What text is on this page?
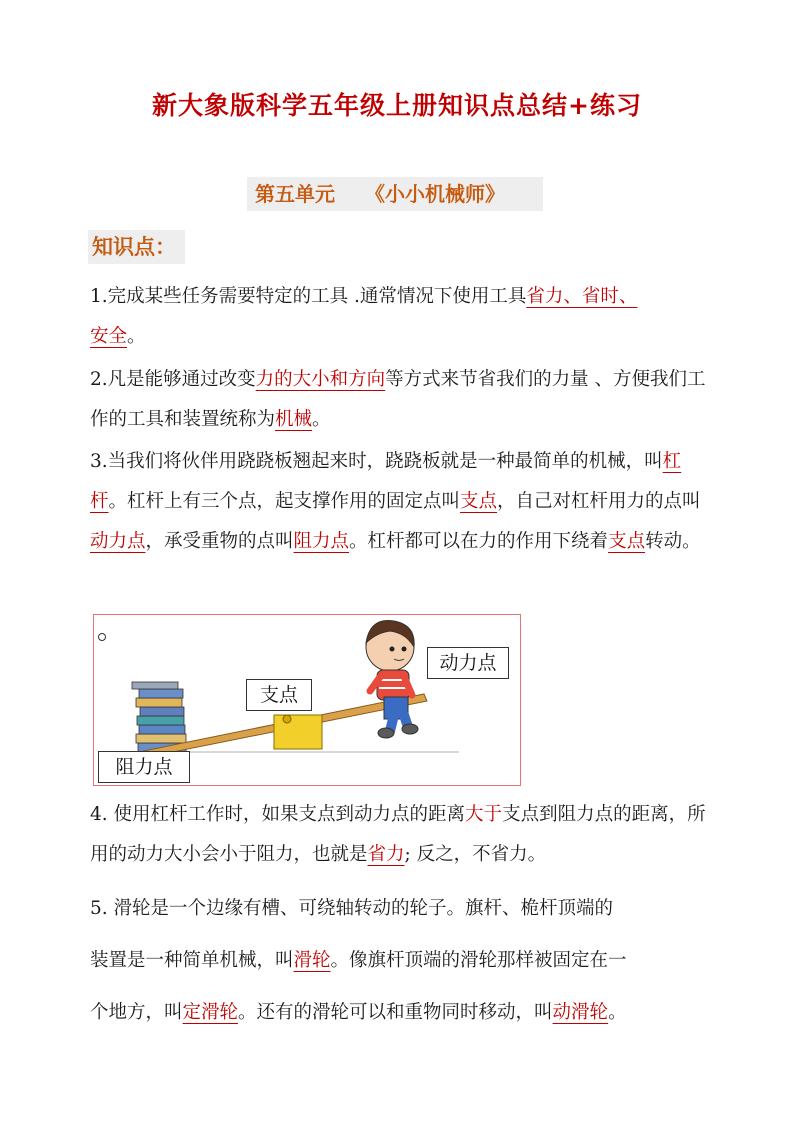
新大象版科学五年级上册知识点总结+练习
第五单元 《小小机械师》
知识点：

1.完成某些任务需要特定的工具 .通常情况下使用工具省力、省时、
安全。

2.凡是能够通过改变力的大小和方向等方式来节省我们的力量 、方便我们工作的工具和装置统称为机械。

3.当我们将伙伴用跷跷板翘起来时，跷跷板就是一种最简单的机械，叫杠杆。杠杆上有三个点，起支撑作用的固定点叫支点，自己对杠杆用力的点叫动力点，承受重物的点叫阻力点。杠杆都可以在力的作用下绕着支点转动。

动力点
支点
阻力点

4. 使用杠杆工作时，如果支点到动力点的距离大于支点到阻力点的距离，所用的动力大小会小于阻力，也就是省力; 反之，不省力。

5. 滑轮是一个边缘有槽、可绕轴转动的轮子。旗杆、桅杆顶端的
装置是一种简单机械，叫滑轮。像旗杆顶端的滑轮那样被固定在一
个地方，叫定滑轮。还有的滑轮可以和重物同时移动，叫动滑轮。
